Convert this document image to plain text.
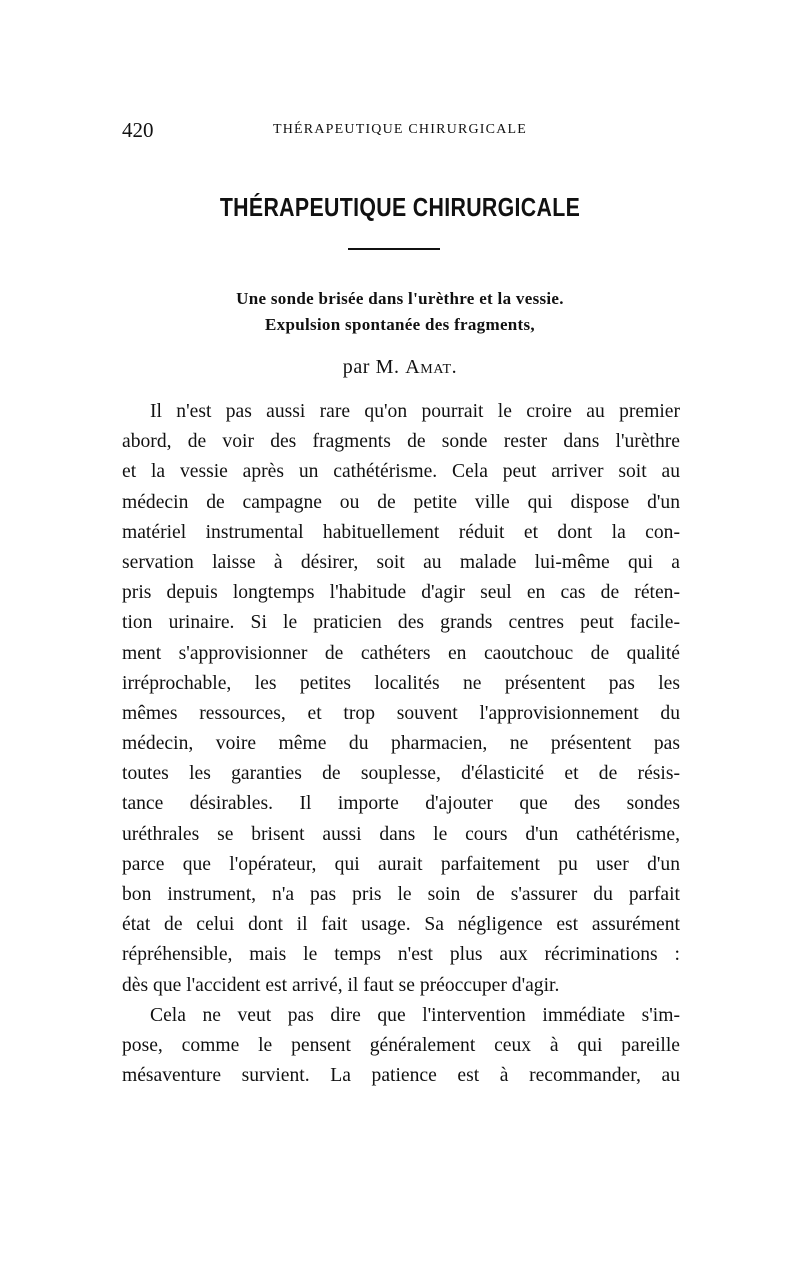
420	THÉRAPEUTIQUE CHIRURGICALE
THÉRAPEUTIQUE CHIRURGICALE
Une sonde brisée dans l'urèthre et la vessie.
Expulsion spontanée des fragments,
par M. Amat.
Il n'est pas aussi rare qu'on pourrait le croire au premier
abord, de voir des fragments de sonde rester dans l'urèthre
et la vessie après un cathétérisme. Cela peut arriver soit au
médecin de campagne ou de petite ville qui dispose d'un
matériel instrumental habituellement réduit et dont la con-
servation laisse à désirer, soit au malade lui-même qui a
pris depuis longtemps l'habitude d'agir seul en cas de réten-
tion urinaire. Si le praticien des grands centres peut facile-
ment s'approvisionner de cathéters en caoutchouc de qualité
irréprochable, les petites localités ne présentent pas les
mêmes ressources, et trop souvent l'approvisionnement du
médecin, voire même du pharmacien, ne présentent pas
toutes les garanties de souplesse, d'élasticité et de résis-
tance désirables. Il importe d'ajouter que des sondes
uréthrales se brisent aussi dans le cours d'un cathétérisme,
parce que l'opérateur, qui aurait parfaitement pu user d'un
bon instrument, n'a pas pris le soin de s'assurer du parfait
état de celui dont il fait usage. Sa négligence est assurément
répréhensible, mais le temps n'est plus aux récriminations :
dès que l'accident est arrivé, il faut se préoccuper d'agir.
Cela ne veut pas dire que l'intervention immédiate s'im-
pose, comme le pensent généralement ceux à qui pareille
mésaventure survient. La patience est à recommander, au
